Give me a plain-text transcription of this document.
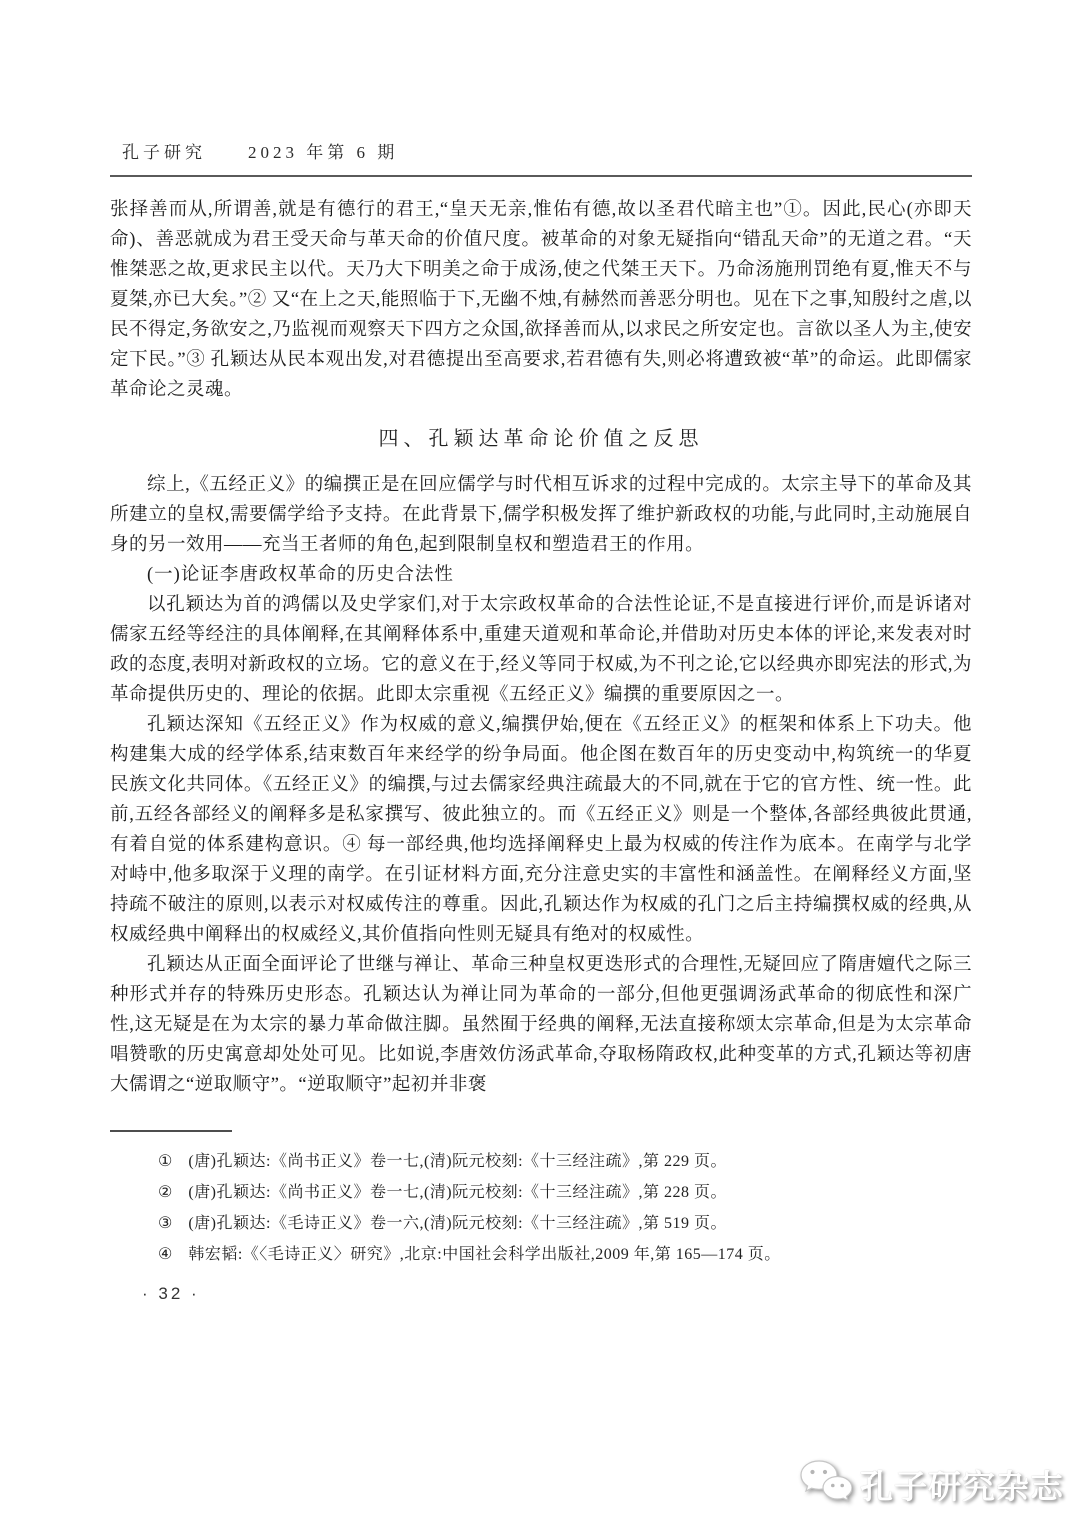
孔子研究 2023 年第 6 期

张择善而从,所谓善,就是有德行的君王,“皇天无亲,惟佑有德,故以圣君代暗主也”①。因此,民心(亦即天命)、善恶就成为君王受天命与革天命的价值尺度。被革命的对象无疑指向“错乱天命”的无道之君。“天惟桀恶之故,更求民主以代。天乃大下明美之命于成汤,使之代桀王天下。乃命汤施刑罚绝有夏,惟天不与夏桀,亦已大矣。”② 又“在上之天,能照临于下,无幽不烛,有赫然而善恶分明也。见在下之事,知殷纣之虐,以民不得定,务欲安之,乃监视而观察天下四方之众国,欲择善而从,以求民之所安定也。言欲以圣人为主,使安定下民。”③ 孔颖达从民本观出发,对君德提出至高要求,若君德有失,则必将遭致被“革”的命运。此即儒家革命论之灵魂。

四、孔颖达革命论价值之反思

综上,《五经正义》的编撰正是在回应儒学与时代相互诉求的过程中完成的。太宗主导下的革命及其所建立的皇权,需要儒学给予支持。在此背景下,儒学积极发挥了维护新政权的功能,与此同时,主动施展自身的另一效用——充当王者师的角色,起到限制皇权和塑造君王的作用。

(一)论证李唐政权革命的历史合法性

以孔颖达为首的鸿儒以及史学家们,对于太宗政权革命的合法性论证,不是直接进行评价,而是诉诸对儒家五经等经注的具体阐释,在其阐释体系中,重建天道观和革命论,并借助对历史本体的评论,来发表对时政的态度,表明对新政权的立场。它的意义在于,经义等同于权威,为不刊之论,它以经典亦即宪法的形式,为革命提供历史的、理论的依据。此即太宗重视《五经正义》编撰的重要原因之一。

孔颖达深知《五经正义》作为权威的意义,编撰伊始,便在《五经正义》的框架和体系上下功夫。他构建集大成的经学体系,结束数百年来经学的纷争局面。他企图在数百年的历史变动中,构筑统一的华夏民族文化共同体。《五经正义》的编撰,与过去儒家经典注疏最大的不同,就在于它的官方性、统一性。此前,五经各部经义的阐释多是私家撰写、彼此独立的。而《五经正义》则是一个整体,各部经典彼此贯通,有着自觉的体系建构意识。④ 每一部经典,他均选择阐释史上最为权威的传注作为底本。在南学与北学对峙中,他多取深于义理的南学。在引证材料方面,充分注意史实的丰富性和涵盖性。在阐释经义方面,坚持疏不破注的原则,以表示对权威传注的尊重。因此,孔颖达作为权威的孔门之后主持编撰权威的经典,从权威经典中阐释出的权威经义,其价值指向性则无疑具有绝对的权威性。

孔颖达从正面全面评论了世继与禅让、革命三种皇权更迭形式的合理性,无疑回应了隋唐嬗代之际三种形式并存的特殊历史形态。孔颖达认为禅让同为革命的一部分,但他更强调汤武革命的彻底性和深广性,这无疑是在为太宗的暴力革命做注脚。虽然囿于经典的阐释,无法直接称颂太宗革命,但是为太宗革命唱赞歌的历史寓意却处处可见。比如说,李唐效仿汤武革命,夺取杨隋政权,此种变革的方式,孔颖达等初唐大儒谓之“逆取顺守”。“逆取顺守”起初并非褒

① (唐)孔颖达:《尚书正义》卷一七,(清)阮元校刻:《十三经注疏》,第 229 页。
② (唐)孔颖达:《尚书正义》卷一七,(清)阮元校刻:《十三经注疏》,第 228 页。
③ (唐)孔颖达:《毛诗正义》卷一六,(清)阮元校刻:《十三经注疏》,第 519 页。
④ 韩宏韬:《〈毛诗正义〉研究》,北京:中国社会科学出版社,2009 年,第 165—174 页。
· 32 ·
孔子研究杂志
